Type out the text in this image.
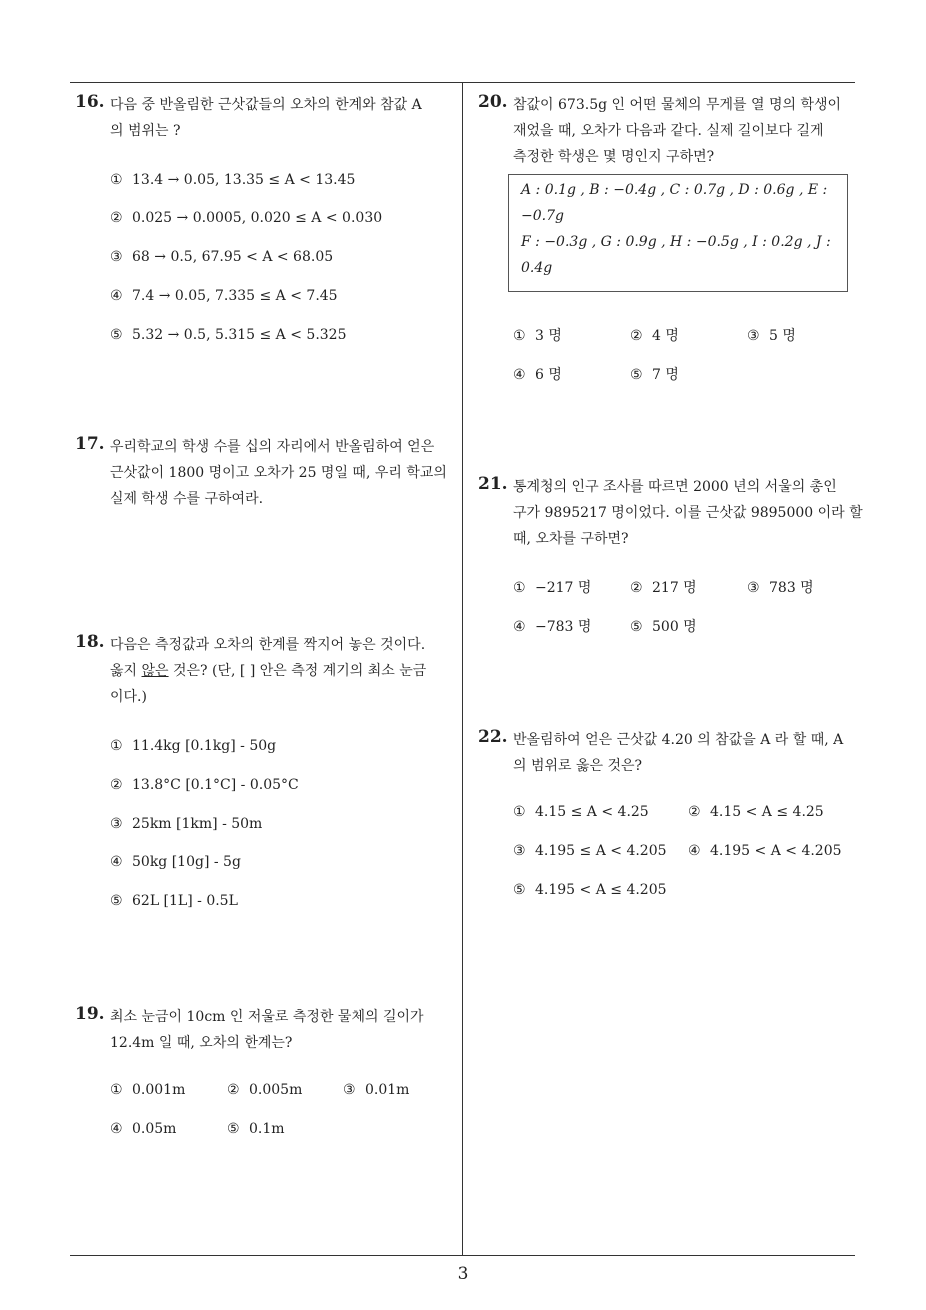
16. 다음 중 반올림한 근삿값들의 오차의 한계와 참값 A
의 범위는 ?
① 13.4 → 0.05, 13.35 ≤ A < 13.45
② 0.025 → 0.0005, 0.020 ≤ A < 0.030
③ 68 → 0.5, 67.95 < A < 68.05
④ 7.4 → 0.05, 7.335 ≤ A < 7.45
⑤ 5.32 → 0.5, 5.315 ≤ A < 5.325
17. 우리학교의 학생 수를 십의 자리에서 반올림하여 얻은
근삿값이 1800 명이고 오차가 25 명일 때, 우리 학교의
실제 학생 수를 구하여라.
18. 다음은 측정값과 오차의 한계를 짝지어 놓은 것이다.
옳지 않은 것은? (단, [ ] 안은 측정 계기의 최소 눈금
이다.)
① 11.4kg [0.1kg] - 50g
② 13.8°C [0.1°C] - 0.05°C
③ 25km [1km] - 50m
④ 50kg [10g] - 5g
⑤ 62L [1L] - 0.5L
19. 최소 눈금이 10cm 인 저울로 측정한 물체의 길이가
12.4m 일 때, 오차의 한계는?
① 0.001m	② 0.005m	③ 0.01m
④ 0.05m	⑤ 0.1m
20. 참값이 673.5g 인 어떤 물체의 무게를 열 명의 학생이
재었을 때, 오차가 다음과 같다. 실제 길이보다 길게
측정한 학생은 몇 명인지 구하면?
A : 0.1g , B : −0.4g , C : 0.7g , D : 0.6g , E :
−0.7g
F : −0.3g , G : 0.9g , H : −0.5g , I : 0.2g , J :
0.4g
① 3 명	② 4 명	③ 5 명
④ 6 명	⑤ 7 명
21. 통계청의 인구 조사를 따르면 2000 년의 서울의 총인
구가 9895217 명이었다. 이를 근삿값 9895000 이라 할
때, 오차를 구하면?
① −217 명	② 217 명	③ 783 명
④ −783 명	⑤ 500 명
22. 반올림하여 얻은 근삿값 4.20 의 참값을 A 라 할 때, A
의 범위로 옳은 것은?
① 4.15 ≤ A < 4.25	② 4.15 < A ≤ 4.25
③ 4.195 ≤ A < 4.205 ④ 4.195 < A < 4.205
⑤ 4.195 < A ≤ 4.205
3
